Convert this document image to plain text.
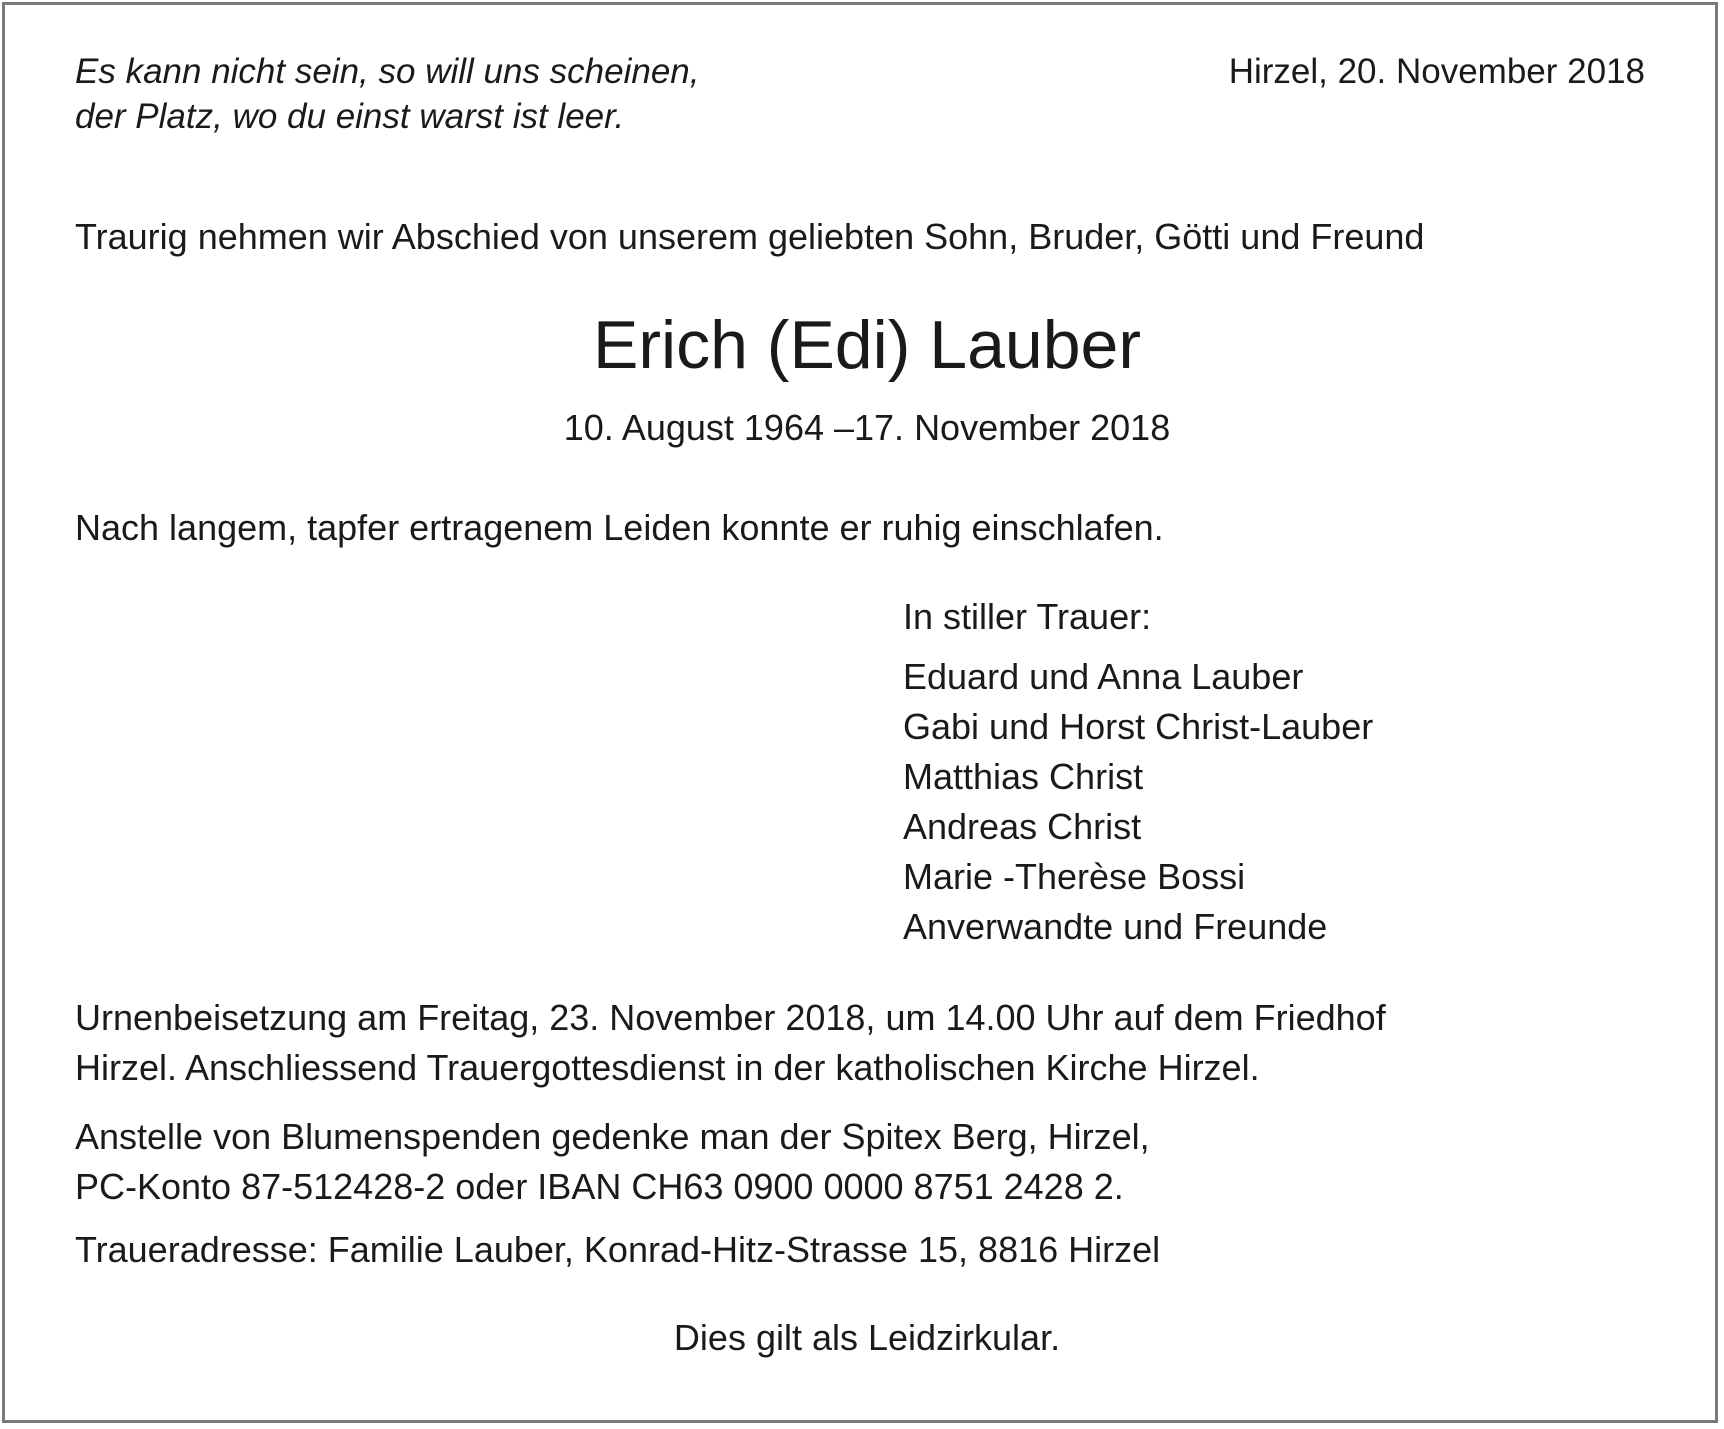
Es kann nicht sein, so will uns scheinen,
der Platz, wo du einst warst ist leer.

Hirzel, 20. November 2018

Traurig nehmen wir Abschied von unserem geliebten Sohn, Bruder, Götti und Freund

Erich (Edi) Lauber

10. August 1964 –17. November 2018

Nach langem, tapfer ertragenem Leiden konnte er ruhig einschlafen.

In stiller Trauer:
Eduard und Anna Lauber
Gabi und Horst Christ-Lauber
Matthias Christ
Andreas Christ
Marie -Therèse Bossi
Anverwandte und Freunde

Urnenbeisetzung am Freitag, 23. November 2018, um 14.00 Uhr auf dem Friedhof
Hirzel. Anschliessend Trauergottesdienst in der katholischen Kirche Hirzel.

Anstelle von Blumenspenden gedenke man der Spitex Berg, Hirzel,
PC-Konto 87-512428-2 oder IBAN CH63 0900 0000 8751 2428 2.

Traueradresse: Familie Lauber, Konrad-Hitz-Strasse 15, 8816 Hirzel

Dies gilt als Leidzirkular.
